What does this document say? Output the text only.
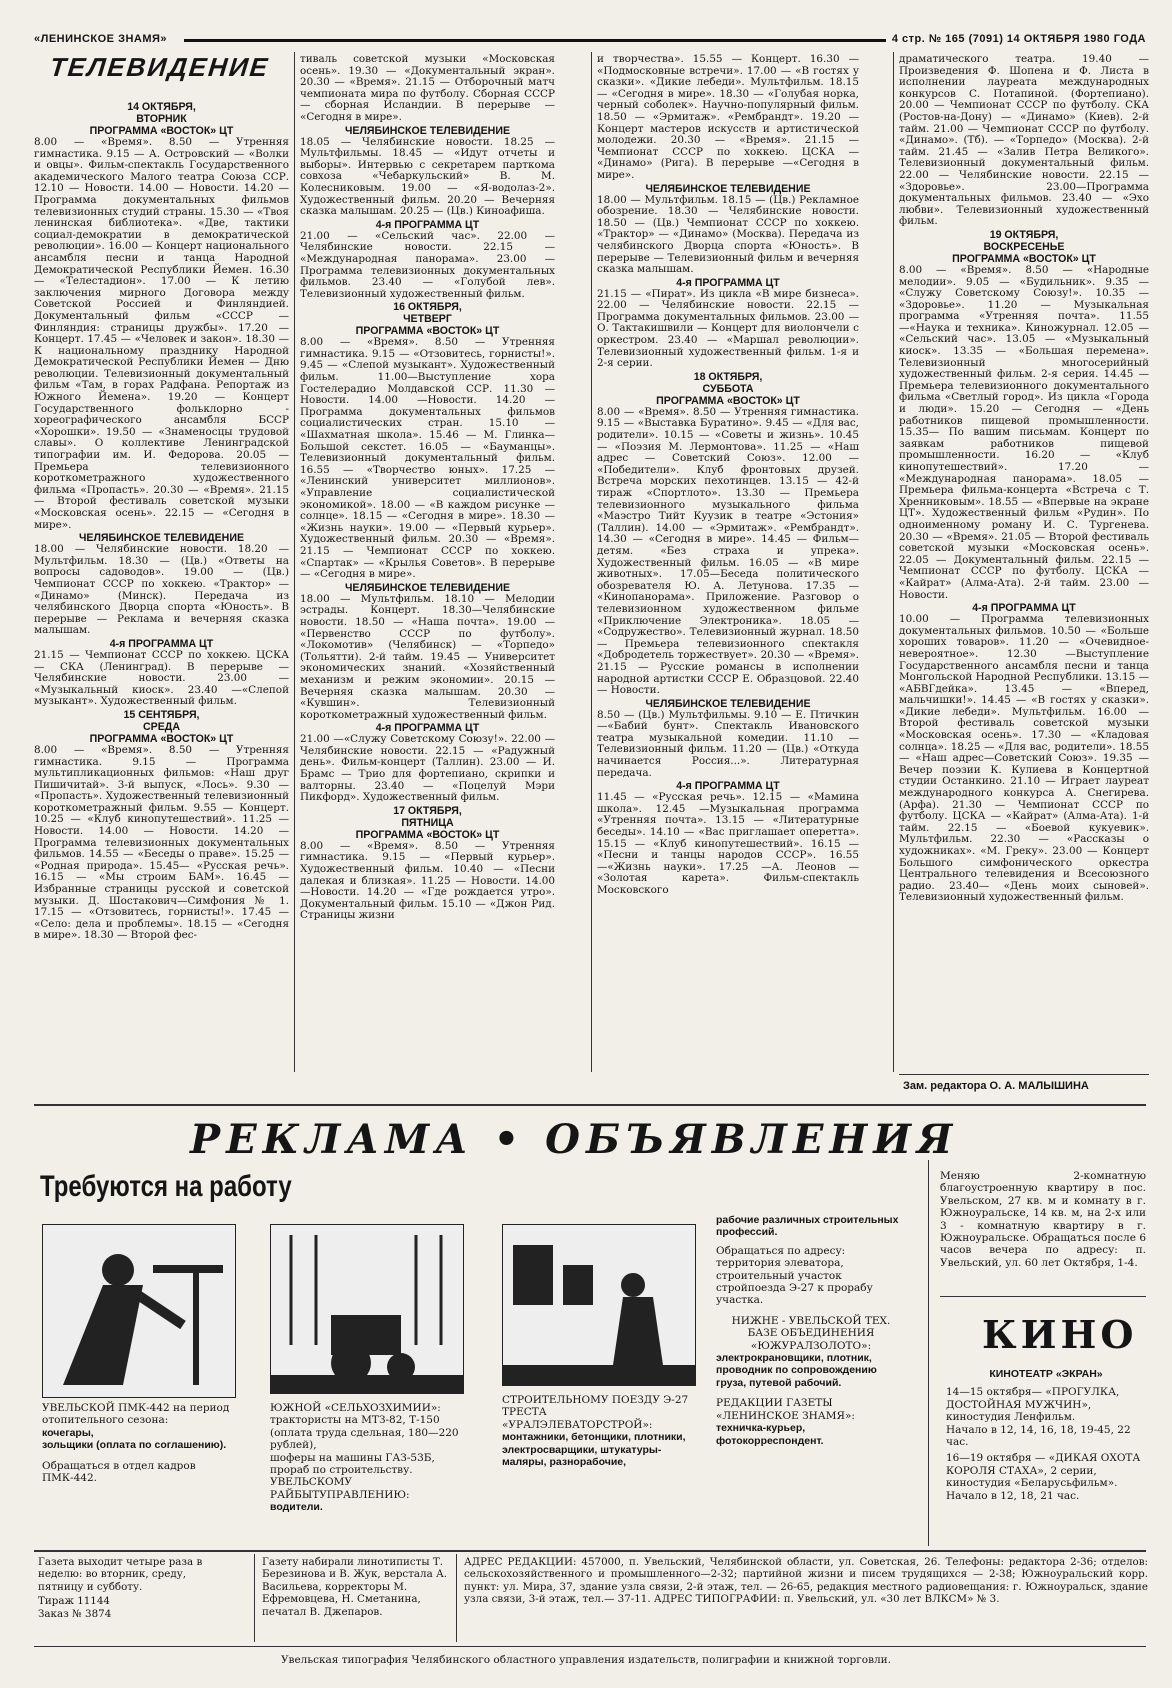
«ЛЕНИНСКОЕ ЗНАМЯ»	4 стр. № 165 (7091) 14 ОКТЯБРЯ 1980 ГОДА
ТЕЛЕВИДЕНИЕ
14 ОКТЯБРЯ,
ВТОРНИК
ПРОГРАММА «ВОСТОК» ЦТ

8.00 — «Время». 8.50 — Утренняя гимнастика. 9.15 — А. Островский — «Волки и овцы». Фильм-спектакль Государственного академического Малого театра Союза ССР. 12.10 — Новости. 14.00 — Новости. 14.20 — Программа документальных фильмов телевизионных студий страны. 15.30 — «Твоя ленинская библиотека». «Две, тактики социал-демократии в демократической революции». 16.00 — Концерт национального ансамбля песни и танца Народной Демократической Республики Йемен. 16.30 — «Телестадион». 17.00 — К летию заключения мирного Договора между Советской Россией и Финляндией. Документальный фильм «СССР — Финляндия: страницы дружбы». 17.20 — Концерт. 17.45 — «Человек и закон». 18.30 — К национальному празднику Народной Демократической Республики Йемен — Дню революции. Телевизионный документальный фильм «Там, в горах Радфана. Репортаж из Южного Йемена». 19.20 — Концерт Государственного фольклорно - хореографического ансамбля БССР «Хорошки». 19.50 — «Знаменосцы трудовой славы». О коллективе Ленинградской типографии им. И. Федорова. 20.05 — Премьера телевизионного короткометражного художественного фильма «Пропасть». 20.30 — «Время». 21.15 — Второй фестиваль советской музыки «Московская осень». 22.15 — «Сегодня в мире».

ЧЕЛЯБИНСКОЕ ТЕЛЕВИДЕНИЕ

18.00 — Челябинские новости. 18.20 — Мультфильм. 18.30 — (Цв.) «Ответы на вопросы садоводов». 19.00 — (Цв.) Чемпионат СССР по хоккею. «Трактор» — «Динамо» (Минск). Передача из челябинского Дворца спорта «Юность». В перерыве — Реклама и вечерняя сказка малышам.

4-я ПРОГРАММА ЦТ

21.15 — Чемпионат СССР по хоккею. ЦСКА — СКА (Ленинград). В перерыве — Челябинские новости. 23.00 — «Музыкальный киоск». 23.40 —«Слепой музыкант». Художественный фильм.

15 СЕНТЯБРЯ,
СРЕДА
ПРОГРАММА «ВОСТОК» ЦТ

8.00 — «Время». 8.50 — Утренняя гимнастика. 9.15 — Программа мультипликационных фильмов: «Наш друг Пишичитай». 3-й выпуск, «Лось». 9.30 — «Пропасть». Художественный телевизионный короткометражный фильм. 9.55 — Концерт. 10.25 — «Клуб кинопутешествий». 11.25 — Новости. 14.00 — Новости. 14.20 — Программа телевизионных документальных фильмов. 14.55 — «Беседы о праве». 15.25 — «Родная природа». 15.45— «Русская речь». 16.15 — «Мы строим БАМ». 16.45 — Избранные страницы русской и советской музыки. Д. Шостакович—Симфония № 1. 17.15 — «Отзовитесь, горнисты!». 17.45 — «Село: дела и проблемы». 18.15 — «Сегодня в мире». 18.30 — Второй фес-

тиваль советской музыки «Московская осень». 19.30 — «Документальный экран». 20.30 — «Время». 21.15 — Отборочный матч чемпионата мира по футболу. Сборная СССР — сборная Исландии. В перерыве — «Сегодня в мире».

ЧЕЛЯБИНСКОЕ ТЕЛЕВИДЕНИЕ

18.05 — Челябинские новости. 18.25 — Мультфильмы. 18.45 — «Идут отчеты и выборы». Интервью с секретарем парткома совхоза «Чебаркульский» В. М. Колесниковым. 19.00 — «Я-водолаз-2». Художественный фильм. 20.20 — Вечерняя сказка малышам. 20.25 — (Цв.) Киноафиша.

4-я ПРОГРАММА ЦТ

21.00 — «Сельский час». 22.00 — Челябинские новости. 22.15 — «Международная панорама». 23.00 — Программа телевизионных документальных фильмов. 23.40 — «Голубой лев». Телевизионный художественный фильм.

16 ОКТЯБРЯ,
ЧЕТВЕРГ
ПРОГРАММА «ВОСТОК» ЦТ

8.00 — «Время». 8.50 — Утренняя гимнастика. 9.15 — «Отзовитесь, горнисты!». 9.45 — «Слепой музыкант». Художественный фильм. 11.00—Выступление хора Гостелерадио Молдавской ССР. 11.30 — Новости. 14.00 —Новости. 14.20 — Программа документальных фильмов социалистических стран. 15.10 — «Шахматная школа». 15.46 — М. Глинка— Большой секстет. 16.05 — «Бауманцы». Телевизионный документальный фильм. 16.55 — «Творчество юных». 17.25 — «Ленинский университет миллионов». «Управление социалистической экономикой». 18.00 — «В каждом рисунке — солнце». 18.15 — «Сегодня в мире». 18.30 — «Жизнь науки». 19.00 — «Первый курьер». Художественный фильм. 20.30 — «Время». 21.15 — Чемпионат СССР по хоккею. «Спартак» — «Крылья Советов». В перерыве — «Сегодня в мире».

ЧЕЛЯБИНСКОЕ ТЕЛЕВИДЕНИЕ

18.00 — Мультфильм. 18.10 — Мелодии эстрады. Концерт. 18.30—Челябинские новости. 18.50 — «Наша почта». 19.00 — «Первенство СССР по футболу». «Локомотив» (Челябинск) — «Торпедо» (Тольятти). 2-й тайм. 19.45 — Университет экономических знаний. «Хозяйственный механизм и режим экономии». 20.15 — Вечерняя сказка малышам. 20.30 — «Кувшин». Телевизионный короткометражный художественный фильм.

4-я ПРОГРАММА ЦТ

21.00 —«Служу Советскому Союзу!». 22.00 — Челябинские новости. 22.15 — «Радужный день». Фильм-концерт (Таллин). 23.00 — И. Брамс — Трио для фортепиано, скрипки и валторны. 23.40 — «Поцелуй Мэри Пикфорд». Художественный фильм.

17 ОКТЯБРЯ,
ПЯТНИЦА
ПРОГРАММА «ВОСТОК» ЦТ

8.00 — «Время». 8.50 — Утренняя гимнастика. 9.15 — «Первый курьер». Художественный фильм. 10.40 — «Песни далекая и близкая». 11.25 — Новости. 14.00—Новости. 14.20 — «Где рождается утро». Документальный фильм. 15.10 — «Джон Рид. Страницы жизни

и творчества». 15.55 — Концерт. 16.30 — «Подмосковные встречи». 17.00 — «В гостях у сказки». «Дикие лебеди». Мультфильм. 18.15— «Сегодня в мире». 18.30 — «Голубая норка, черный соболек». Научно-популярный фильм. 18.50 — «Эрмитаж». «Рембрандт». 19.20 — Концерт мастеров искусств и артистической молодежи. 20.30 — «Время». 21.15 — Чемпионат СССР по хоккею. ЦСКА — «Динамо» (Рига). В перерыве —«Сегодня в мире».

ЧЕЛЯБИНСКОЕ ТЕЛЕВИДЕНИЕ

18.00 — Мультфильм. 18.15 — (Цв.) Рекламное обозрение. 18.30 — Челябинские новости. 18.50 — (Цв.) Чемпионат СССР по хоккею. «Трактор» — «Динамо» (Москва). Передача из челябинского Дворца спорта «Юность». В перерыве — Телевизионный фильм и вечерняя сказка малышам.

4-я ПРОГРАММА ЦТ

21.15 — «Пират». Из цикла «В мире бизнеса». 22.00 — Челябинские новости. 22.15 — Программа документальных фильмов. 23.00 —О. Тактакишвили — Концерт для виолончели с оркестром. 23.40 — «Маршал революции». Телевизионный художественный фильм. 1-я и 2-я серии.

18 ОКТЯБРЯ,
СУББОТА
ПРОГРАММА «ВОСТОК» ЦТ

8.00 — «Время». 8.50 — Утренняя гимнастика. 9.15 — «Выставка Буратино». 9.45 — «Для вас, родители». 10.15 — «Советы и жизнь». 10.45 — «Поэзия М. Лермонтова». 11.25 — «Наш адрес — Советский Союз». 12.00 — «Победители». Клуб фронтовых друзей. Встреча морских пехотинцев. 13.15 — 42-й тираж «Спортлото». 13.30 — Премьера телевизионного музыкального фильма «Маэстро Тийт Куузик в театре «Эстония» (Таллин). 14.00 — «Эрмитаж». «Рембрандт». 14.30 — «Сегодня в мире». 14.45 — Фильм—детям. «Без страха и упрека». Художественный фильм. 16.05 — «В мире животных». 17.05—Беседа политического обозревателя Ю. А. Летунова. 17.35 — «Кинопанорама». Приложение. Разговор о телевизионном художественном фильме «Приключение Электроника». 18.05 — «Содружество». Телевизионный журнал. 18.50 — Премьера телевизионного спектакля «Добродетель торжествует». 20.30 — «Время». 21.15 — Русские романсы в исполнении народной артистки СССР Е. Образцовой. 22.40 — Новости.

ЧЕЛЯБИНСКОЕ ТЕЛЕВИДЕНИЕ

8.50 — (Цв.) Мультфильмы. 9.10 — Е. Птичкин —«Бабий бунт». Спектакль Ивановского театра музыкальной комедии. 11.10 — Телевизионный фильм. 11.20 — (Цв.) «Откуда начинается Россия...». Литературная передача.

4-я ПРОГРАММА ЦТ

11.45 — «Русская речь». 12.15 — «Мамина школа». 12.45 —Музыкальная программа «Утренняя почта». 13.15 — «Литературные беседы». 14.10 — «Вас приглашает оперетта». 15.15 — «Клуб кинопутешествий». 16.15 — «Песни и танцы народов СССР». 16.55 —«Жизнь науки». 17.25 —А. Леонов — «Золотая карета». Фильм-спектакль Московского

драматического театра. 19.40 — Произведения Ф. Шопена и Ф. Листа в исполнении лауреата международных конкурсов С. Потапиной. (Фортепиано). 20.00 — Чемпионат СССР по футболу. СКА (Ростов-на-Дону) — «Динамо» (Киев). 2-й тайм. 21.00 — Чемпионат СССР по футболу. «Динамо». (Тб). — «Торпедо» (Москва). 2-й тайм. 21.45 — «Залив Петра Великого». Телевизионный документальный фильм. 22.00 — Челябинские новости. 22.15 — «Здоровье». 23.00—Программа документальных фильмов. 23.40 — «Эхо любви». Телевизионный художественный фильм.

19 ОКТЯБРЯ,
ВОСКРЕСЕНЬЕ
ПРОГРАММА «ВОСТОК» ЦТ

8.00 — «Время». 8.50 — «Народные мелодии». 9.05 — «Будильник». 9.35 — «Служу Советскому Союзу!». 10.35 — «Здоровье». 11.20 — Музыкальная программа «Утренняя почта». 11.55—«Наука и техника». Киножурнал. 12.05 — «Сельский час». 13.05 — «Музыкальный киоск». 13.35 — «Большая перемена». Телевизионный многосерийный художественный фильм. 2-я серия. 14.45 — Премьера телевизионного документального фильма «Светлый город». Из цикла «Города и люди». 15.20 — Сегодня — «День работников пищевой промышленности. 15.35— По вашим письмам. Концерт по заявкам работников пищевой промышленности. 16.20 — «Клуб кинопутешествий». 17.20 — «Международная панорама». 18.05 — Премьера фильма-концерта «Встреча с Т. Хренниковым». 18.55 — «Впервые на экране ЦТ». Художественный фильм «Рудин». По одноименному роману И. С. Тургенева. 20.30 — «Время». 21.05 — Второй фестиваль советской музыки «Московская осень». 22.05 — Документальный фильм. 22.15 — Чемпионат СССР по футболу. ЦСКА — «Кайрат» (Алма-Ата). 2-й тайм. 23.00 — Новости.

4-я ПРОГРАММА ЦТ

10.00 — Программа телевизионных документальных фильмов. 10.50 — «Больше хороших товаров». 11.20 — «Очевидное-невероятное». 12.30 —Выступление Государственного ансамбля песни и танца Монгольской Народной Республики. 13.15 — «АБВГдейка». 13.45 — «Вперед, мальчишки!». 14.45 — «В гостях у сказки». «Дикие лебеди». Мультфильм. 16.00 — Второй фестиваль советской музыки «Московская осень». 17.30 — «Кладовая солнца». 18.25 — «Для вас, родители». 18.55 — «Наш адрес—Советский Союз». 19.35 — Вечер поэзии К. Кулиева в Концертной студии Останкино. 21.10 — Играет лауреат международного конкурса А. Снегирева. (Арфа). 21.30 — Чемпионат СССР по футболу. ЦСКА — «Кайрат» (Алма-Ата). 1-й тайм. 22.15 — «Боевой кукуевик». Мультфильм. 22.30 — «Рассказы о художниках». «М. Греку». 23.00 — Концерт Большого симфонического оркестра Центрального телевидения и Всесоюзного радио. 23.40— «День моих сыновей». Телевизионный художественный фильм.

Зам. редактора О. А. МАЛЫШИНА
РЕКЛАМА • ОБЪЯВЛЕНИЯ
Требуются на работу

УВЕЛЬСКОЙ ПМК-442 на период отопительного сезона:

кочегары,

зольщики (оплата по соглашению).

Обращаться в отдел кадров ПМК-442.

ЮЖНОЙ «СЕЛЬХОЗХИМИИ»: трактористы на МТЗ-82, Т-150 (оплата труда сдельная, 180—220 рублей),

шоферы на машины ГАЗ-53Б, прораб по строительству.

УВЕЛЬСКОМУ РАЙБЫТУПРАВЛЕНИЮ:

водители.

СТРОИТЕЛЬНОМУ ПОЕЗДУ Э-27 ТРЕСТА «УРАЛЭЛЕВАТОРСТРОЙ»:

монтажники, бетонщики, плотники, электросварщики, штукатуры-маляры, разнорабочие,

рабочие различных строительных профессий.

Обращаться по адресу: территория элеватора, строительный участок стройпоезда Э-27 к прорабу участка.

НИЖНЕ - УВЕЛЬСКОЙ ТЕХ. БАЗЕ ОБЪЕДИНЕНИЯ «ЮЖУРАЛЗОЛОТО»:

электрокрановщики, плотник, проводник по сопровождению груза, путевой рабочий.

РЕДАКЦИИ ГАЗЕТЫ «ЛЕНИНСКОЕ ЗНАМЯ»:

техничка-курьер, фотокорреспондент.

Меняю 2-комнатную благоустроенную квартиру в пос. Увельском, 27 кв. м и комнату в г. Южноуральске, 14 кв. м, на 2-х или 3 - комнатную квартиру в г. Южноуральске. Обращаться после 6 часов вечера по адресу: п. Увельский, ул. 60 лет Октября, 1-4.

КИНО

КИНОТЕАТР «ЭКРАН»

14—15 октября— «ПРОГУЛКА, ДОСТОЙНАЯ МУЖЧИН», киностудия Ленфильм.

Начало в 12, 14, 16, 18, 19-45, 22 час.

16—19 октября — «ДИКАЯ ОХОТА КОРОЛЯ СТАХА», 2 серии, киностудия «Беларусьфильм».

Начало в 12, 18, 21 час.

Газета выходит четыре раза в неделю: во вторник, среду, пятницу и субботу.

Тираж 11144

Заказ № 3874

Газету набирали линотиписты Т. Березинова и В. Жук, верстала А. Васильева, корректоры М. Ефремовцева, Н. Сметанина, печатал В. Джепаров.

АДРЕС РЕДАКЦИИ: 457000, п. Увельский, Челябинской области, ул. Советская, 26. Телефоны: редактора 2-36; отделов: сельскохозяйственного и промышленного—2-32; партийной жизни и писем трудящихся — 2-38; Южноуральский корр. пункт: ул. Мира, 37, здание узла связи, 2-й этаж, тел. — 26-65, редакция местного радиовещания: г. Южноуральск, здание узла связи, 3-й этаж, тел.— 37-11. АДРЕС ТИПОГРАФИИ: п. Увельский, ул. «30 лет ВЛКСМ» № 3.

Увельская типография Челябинского областного управления издательств, полиграфии и книжной торговли.
